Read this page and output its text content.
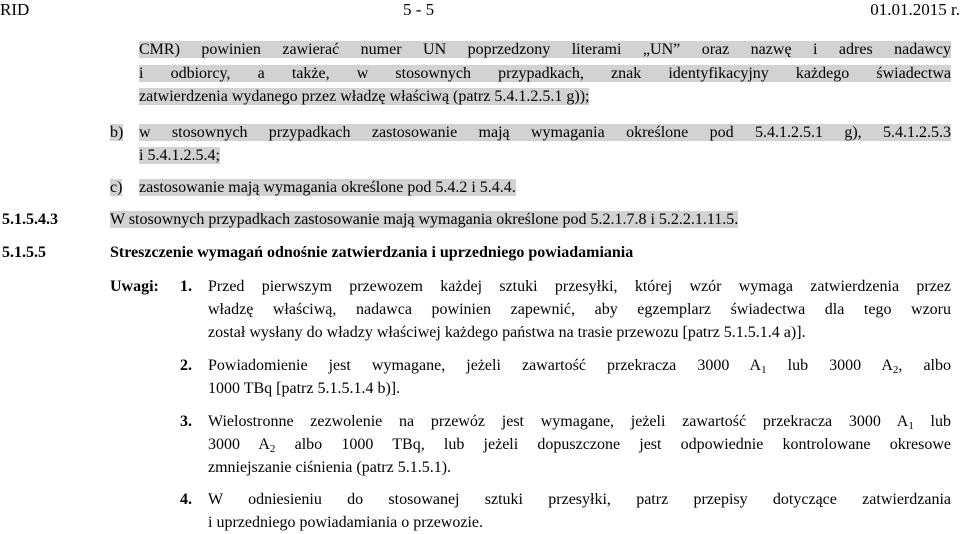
RID	5 - 5	01.01.2015 r.
CMR) powinien zawierać numer UN poprzedzony literami „UN” oraz nazwę i adres nadawcy
i odbiorcy, a także, w stosownych przypadkach, znak identyfikacyjny każdego świadectwa
zatwierdzenia wydanego przez władzę właściwą (patrz 5.4.1.2.5.1 g));
b) w stosownych przypadkach zastosowanie mają wymagania określone pod 5.4.1.2.5.1 g), 5.4.1.2.5.3
i 5.4.1.2.5.4;
c) zastosowanie mają wymagania określone pod 5.4.2 i 5.4.4.
5.1.5.4.3	W stosownych przypadkach zastosowanie mają wymagania określone pod 5.2.1.7.8 i 5.2.2.1.11.5.
5.1.5.5	Streszczenie wymagań odnośnie zatwierdzania i uprzedniego powiadamiania
Uwagi: 1. Przed pierwszym przewozem każdej sztuki przesyłki, której wzór wymaga zatwierdzenia przez
władzę właściwą, nadawca powinien zapewnić, aby egzemplarz świadectwa dla tego wzoru
został wysłany do władzy właściwej każdego państwa na trasie przewozu [patrz 5.1.5.1.4 a)].
2. Powiadomienie jest wymagane, jeżeli zawartość przekracza 3000 $A_1$ lub 3000 $A_2$, albo
1000 TBq [patrz 5.1.5.1.4 b)].
3. Wielostronne zezwolenie na przewóz jest wymagane, jeżeli zawartość przekracza 3000 $A_1$ lub
3000 $A_2$ albo 1000 TBq, lub jeżeli dopuszczone jest odpowiednie kontrolowane okresowe
zmniejszanie ciśnienia (patrz 5.1.5.1).
4. W odniesieniu do stosowanej sztuki przesyłki, patrz przepisy dotyczące zatwierdzania
i uprzedniego powiadamiania o przewozie.
